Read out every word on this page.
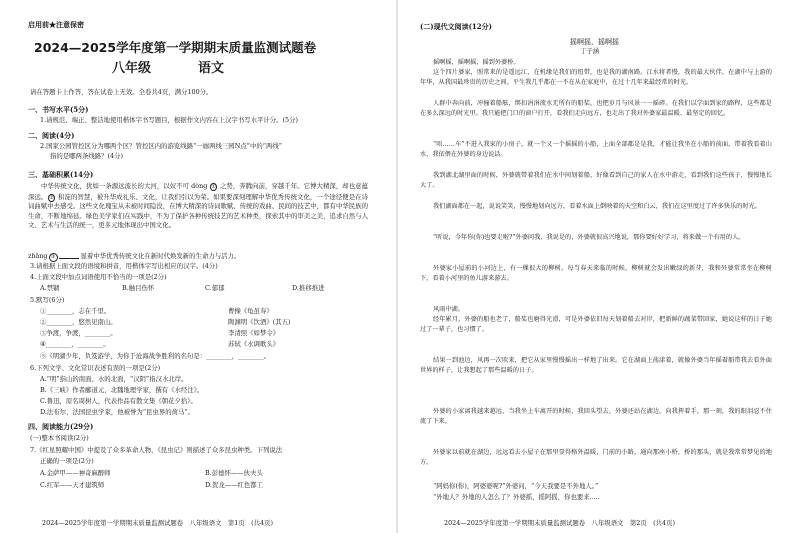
启用前★注意保密
2024—2025学年度第一学期期末质量监测试题卷
八年级	语文
请在答题卡上作答，答在试卷上无效。全卷共4页，满分100分。
一、书写水平(5分)
1.请规范、端正、整洁地使用楷体字书写题目，根据作文内容在上汉字书写水平计分。(5分)
二、阅读(4分)
2.国家公园管控区分为哪两个区？管控区内的游览线路“一廊两线三园N点”中的“两线”
指的是哪两条线路？(4分)
三、基础积累(14分)
中华传统文化，犹如一条源远流长的大河，以奴不可 dòng ① 之势，奔腾向前，穿越千年。它博大精深，却也意蕴深远。 ② 积淀的智慧，被升华成礼乐、文化，让我们引以为荣。如果要深刻理解中华优秀传统文化，一个途径便是在诗词曲赋中去感受。这些文化瑰宝从未被时间隐没，在博大精深的诗词歌赋、传统的戏曲、民间的技艺中，都有中华民族的生命，不断地绵延。绿色美学家们在实践中，不为了保护各种传统技艺的艺术种类，探索其中的审美之美，追求自然与人文、艺术与生活的统一，更多元地体现出中国文化。
zhǎng ③	显着中华优秀传统文化在新时代焕发新的生命力与活力。
3.请根据上面文段的语境和拼音，用楷体字写出相应的汉字。(4分)
4.上面文段中加点词语使用不恰当的一项是(2分)
A.禁锢	B.触目伤怀	C.郁郁	D.推移推进
5.默写(6分)
①________，志在千里。	曹操《龟虽寿》
②________，悠然见南山。	陶渊明《饮酒》(其五)
③争渡，争渡，________。	李清照《如梦令》
④________，________。	苏轼《水调歌头》
⑤《明湖少年，负笈游学，为你于沧海战争胜利的名句是：________，________。
6.下列文学、文化常识表述有误的一项是(2分)
A.“明”指山的南面、水的北面，“汉阴”指汉水北岸。
B.《三峡》作者郦道元，北魏地理学家，撰有《水经注》。
C.鲁迅，原名周树人，代表作品有散文集《朝花夕拾》。
D.法布尔，法国昆虫学家，他被誉为“昆虫界的荷马”。
四、阅读能力(29分)
(一)整本书阅读(2分)
7.《红星照耀中国》中提及了众多革命人物，《昆虫记》则描述了众多昆虫种类。下列说法
正确的一项是(2分)
A.金萨甲——神奇麻醉师	B.彭德怀——伙夫头
C.红军——天才建筑师	D.贺龙——红色都工
2024—2025学年度第一学期期末质量监测试题卷　八年级语文　第1页　(共4页)
(二)现代文阅读(12分)
摇啊摇，摇啊摇
丁子涵
摇啊摇，摇啊摇，摇到外婆桥。
这个四片婆家，照常来的是遥远江，在机缘是我们的纽带，也是我的湖南路。江水将者慢，我的最大伙伴，在湖中与上游的年华，从我国最珍贵的历史之间。平生我几乎都在一不在从在家庭中，在过十几年来最经常的时光。
人群中奔向前，冲撞着船舷，绑扣涓涓流水无所有的船桨，也把岁月与风景一一摇碎。在我们以学面到家的路程，这些都是在多么深远的时光里。我只能把门口的窗户打开，看我们走向远方，也走出了我对外婆家最温暖、最坚定的回忆。
“唔……车”不进入我家的小房子，就一个又一个摇摇的小船，上面全部都是是我，才能让我坐在小船的前面，带着我看着山水，我依偎在外婆的身边说话。
我到湖北湖里面的时候，外婆就带着我们在水中间划着船，好像看到自己的家人在水中游走，看到我们这些孩子，慢慢地长大了。
我们湖面都在一起，说说笑笑，慢慢地划向远方，看着水面上倒映着的天空和白云，我们在这里度过了许多快乐的时光。
“听说，今年你(你)也要走啦?”外婆问我，我说是的，外婆就很高兴地说，那你要好好学习，将来做一个有用的人。
外婆家小屋前的小河边上，有一棵很大的柳树。每当春天来临的时候，柳树就会发出嫩绿的新芽，我和外婆常常坐在柳树下，看着小河里的鱼儿游来游去。
风雨中湖。
经年累月，外婆的船也老了，船桨也磨得光滑，可是外婆依旧每天划着船去对岸，把新鲜的蔬菜带回家，她说这样的日子她过了一辈子，也习惯了。
结果一到池边，风再一次吹来，把它从家里慢慢摇出一样地了出来。它在湖面上荡漾着，就像外婆当年摇着船带我去看外面世界的样子，让我想起了那些温暖的日子。
外婆的小家离我越来越远，当我坐上车离开的时候，我回头望去，外婆还站在湖边，向我挥着手，那一刻，我的眼泪忍不住流了下来。
外婆家以前就在湖边，远远看去小屋子在那里显得格外温暖，门前的小路，通向那座小桥，桥的那头，就是我常常梦见的地方。
“阿妈你(你)，阿婆婆呢?”外婆问，“今天我要是不外地人。”
“外地人？外地的人怎么了？外婆摇，摇阿摇，你也要来.....
2024—2025学年度第一学期期末质量监测试题卷　八年级语文　第2页　(共4页)
